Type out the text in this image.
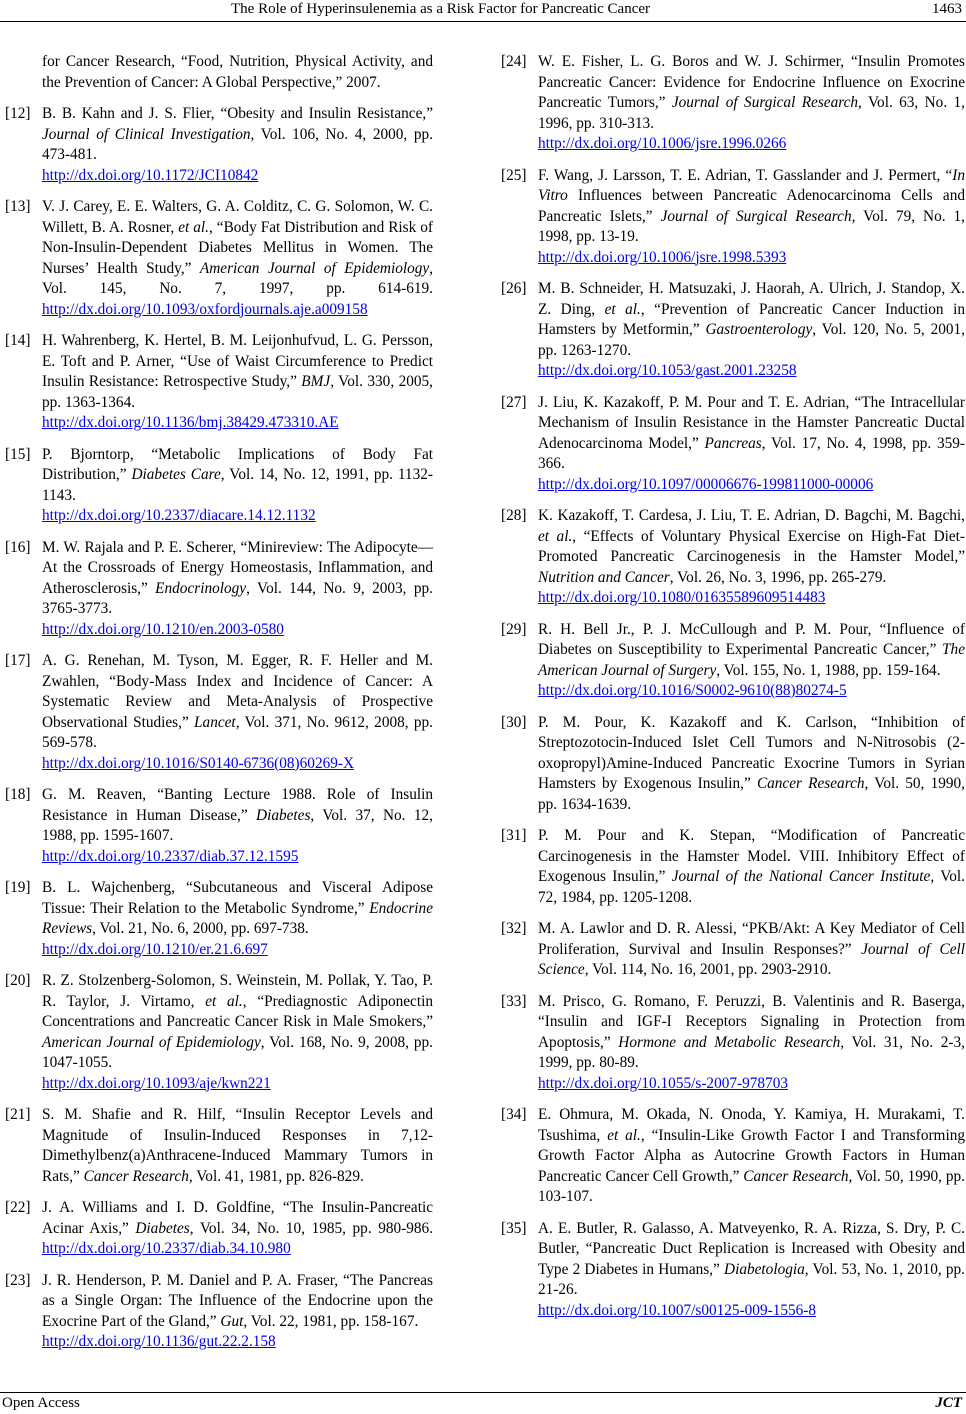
The Role of Hyperinsulenemia as a Risk Factor for Pancreatic Cancer	1463
for Cancer Research, “Food, Nutrition, Physical Activity, and the Prevention of Cancer: A Global Perspective,” 2007.
[12] B. B. Kahn and J. S. Flier, “Obesity and Insulin Resistance,” Journal of Clinical Investigation, Vol. 106, No. 4, 2000, pp. 473-481.
http://dx.doi.org/10.1172/JCI10842
[13] V. J. Carey, E. E. Walters, G. A. Colditz, C. G. Solomon, W. C. Willett, B. A. Rosner, et al., “Body Fat Distribution and Risk of Non-Insulin-Dependent Diabetes Mellitus in Women. The Nurses’ Health Study,” American Journal of Epidemiology, Vol. 145, No. 7, 1997, pp. 614-619. http://dx.doi.org/10.1093/oxfordjournals.aje.a009158
[14] H. Wahrenberg, K. Hertel, B. M. Leijonhufvud, L. G. Persson, E. Toft and P. Arner, “Use of Waist Circumference to Predict Insulin Resistance: Retrospective Study,” BMJ, Vol. 330, 2005, pp. 1363-1364.
http://dx.doi.org/10.1136/bmj.38429.473310.AE
[15] P. Bjorntorp, “Metabolic Implications of Body Fat Distribution,” Diabetes Care, Vol. 14, No. 12, 1991, pp. 1132-1143.
http://dx.doi.org/10.2337/diacare.14.12.1132
[16] M. W. Rajala and P. E. Scherer, “Minireview: The Adipocyte—At the Crossroads of Energy Homeostasis, Inflammation, and Atherosclerosis,” Endocrinology, Vol. 144, No. 9, 2003, pp. 3765-3773.
http://dx.doi.org/10.1210/en.2003-0580
[17] A. G. Renehan, M. Tyson, M. Egger, R. F. Heller and M. Zwahlen, “Body-Mass Index and Incidence of Cancer: A Systematic Review and Meta-Analysis of Prospective Observational Studies,” Lancet, Vol. 371, No. 9612, 2008, pp. 569-578.
http://dx.doi.org/10.1016/S0140-6736(08)60269-X
[18] G. M. Reaven, “Banting Lecture 1988. Role of Insulin Resistance in Human Disease,” Diabetes, Vol. 37, No. 12, 1988, pp. 1595-1607.
http://dx.doi.org/10.2337/diab.37.12.1595
[19] B. L. Wajchenberg, “Subcutaneous and Visceral Adipose Tissue: Their Relation to the Metabolic Syndrome,” Endocrine Reviews, Vol. 21, No. 6, 2000, pp. 697-738.
http://dx.doi.org/10.1210/er.21.6.697
[20] R. Z. Stolzenberg-Solomon, S. Weinstein, M. Pollak, Y. Tao, P. R. Taylor, J. Virtamo, et al., “Prediagnostic Adiponectin Concentrations and Pancreatic Cancer Risk in Male Smokers,” American Journal of Epidemiology, Vol. 168, No. 9, 2008, pp. 1047-1055.
http://dx.doi.org/10.1093/aje/kwn221
[21] S. M. Shafie and R. Hilf, “Insulin Receptor Levels and Magnitude of Insulin-Induced Responses in 7,12-Dimethylbenz(a)Anthracene-Induced Mammary Tumors in Rats,” Cancer Research, Vol. 41, 1981, pp. 826-829.
[22] J. A. Williams and I. D. Goldfine, “The Insulin-Pancreatic Acinar Axis,” Diabetes, Vol. 34, No. 10, 1985, pp. 980-986. http://dx.doi.org/10.2337/diab.34.10.980
[23] J. R. Henderson, P. M. Daniel and P. A. Fraser, “The Pancreas as a Single Organ: The Influence of the Endocrine upon the Exocrine Part of the Gland,” Gut, Vol. 22, 1981, pp. 158-167.
http://dx.doi.org/10.1136/gut.22.2.158
[24] W. E. Fisher, L. G. Boros and W. J. Schirmer, “Insulin Promotes Pancreatic Cancer: Evidence for Endocrine Influence on Exocrine Pancreatic Tumors,” Journal of Surgical Research, Vol. 63, No. 1, 1996, pp. 310-313.
http://dx.doi.org/10.1006/jsre.1996.0266
[25] F. Wang, J. Larsson, T. E. Adrian, T. Gasslander and J. Permert, “In Vitro Influences between Pancreatic Adenocarcinoma Cells and Pancreatic Islets,” Journal of Surgical Research, Vol. 79, No. 1, 1998, pp. 13-19.
http://dx.doi.org/10.1006/jsre.1998.5393
[26] M. B. Schneider, H. Matsuzaki, J. Haorah, A. Ulrich, J. Standop, X. Z. Ding, et al., “Prevention of Pancreatic Cancer Induction in Hamsters by Metformin,” Gastroenterology, Vol. 120, No. 5, 2001, pp. 1263-1270.
http://dx.doi.org/10.1053/gast.2001.23258
[27] J. Liu, K. Kazakoff, P. M. Pour and T. E. Adrian, “The Intracellular Mechanism of Insulin Resistance in the Hamster Pancreatic Ductal Adenocarcinoma Model,” Pancreas, Vol. 17, No. 4, 1998, pp. 359-366.
http://dx.doi.org/10.1097/00006676-199811000-00006
[28] K. Kazakoff, T. Cardesa, J. Liu, T. E. Adrian, D. Bagchi, M. Bagchi, et al., “Effects of Voluntary Physical Exercise on High-Fat Diet-Promoted Pancreatic Carcinogenesis in the Hamster Model,” Nutrition and Cancer, Vol. 26, No. 3, 1996, pp. 265-279.
http://dx.doi.org/10.1080/01635589609514483
[29] R. H. Bell Jr., P. J. McCullough and P. M. Pour, “Influence of Diabetes on Susceptibility to Experimental Pancreatic Cancer,” The American Journal of Surgery, Vol. 155, No. 1, 1988, pp. 159-164.
http://dx.doi.org/10.1016/S0002-9610(88)80274-5
[30] P. M. Pour, K. Kazakoff and K. Carlson, “Inhibition of Streptozotocin-Induced Islet Cell Tumors and N-Nitrosobis (2-oxopropyl)Amine-Induced Pancreatic Exocrine Tumors in Syrian Hamsters by Exogenous Insulin,” Cancer Research, Vol. 50, 1990, pp. 1634-1639.
[31] P. M. Pour and K. Stepan, “Modification of Pancreatic Carcinogenesis in the Hamster Model. VIII. Inhibitory Effect of Exogenous Insulin,” Journal of the National Cancer Institute, Vol. 72, 1984, pp. 1205-1208.
[32] M. A. Lawlor and D. R. Alessi, “PKB/Akt: A Key Mediator of Cell Proliferation, Survival and Insulin Responses?” Journal of Cell Science, Vol. 114, No. 16, 2001, pp. 2903-2910.
[33] M. Prisco, G. Romano, F. Peruzzi, B. Valentinis and R. Baserga, “Insulin and IGF-I Receptors Signaling in Protection from Apoptosis,” Hormone and Metabolic Research, Vol. 31, No. 2-3, 1999, pp. 80-89.
http://dx.doi.org/10.1055/s-2007-978703
[34] E. Ohmura, M. Okada, N. Onoda, Y. Kamiya, H. Murakami, T. Tsushima, et al., “Insulin-Like Growth Factor I and Transforming Growth Factor Alpha as Autocrine Growth Factors in Human Pancreatic Cancer Cell Growth,” Cancer Research, Vol. 50, 1990, pp. 103-107.
[35] A. E. Butler, R. Galasso, A. Matveyenko, R. A. Rizza, S. Dry, P. C. Butler, “Pancreatic Duct Replication is Increased with Obesity and Type 2 Diabetes in Humans,” Diabetologia, Vol. 53, No. 1, 2010, pp. 21-26.
http://dx.doi.org/10.1007/s00125-009-1556-8
Open Access	JCT
